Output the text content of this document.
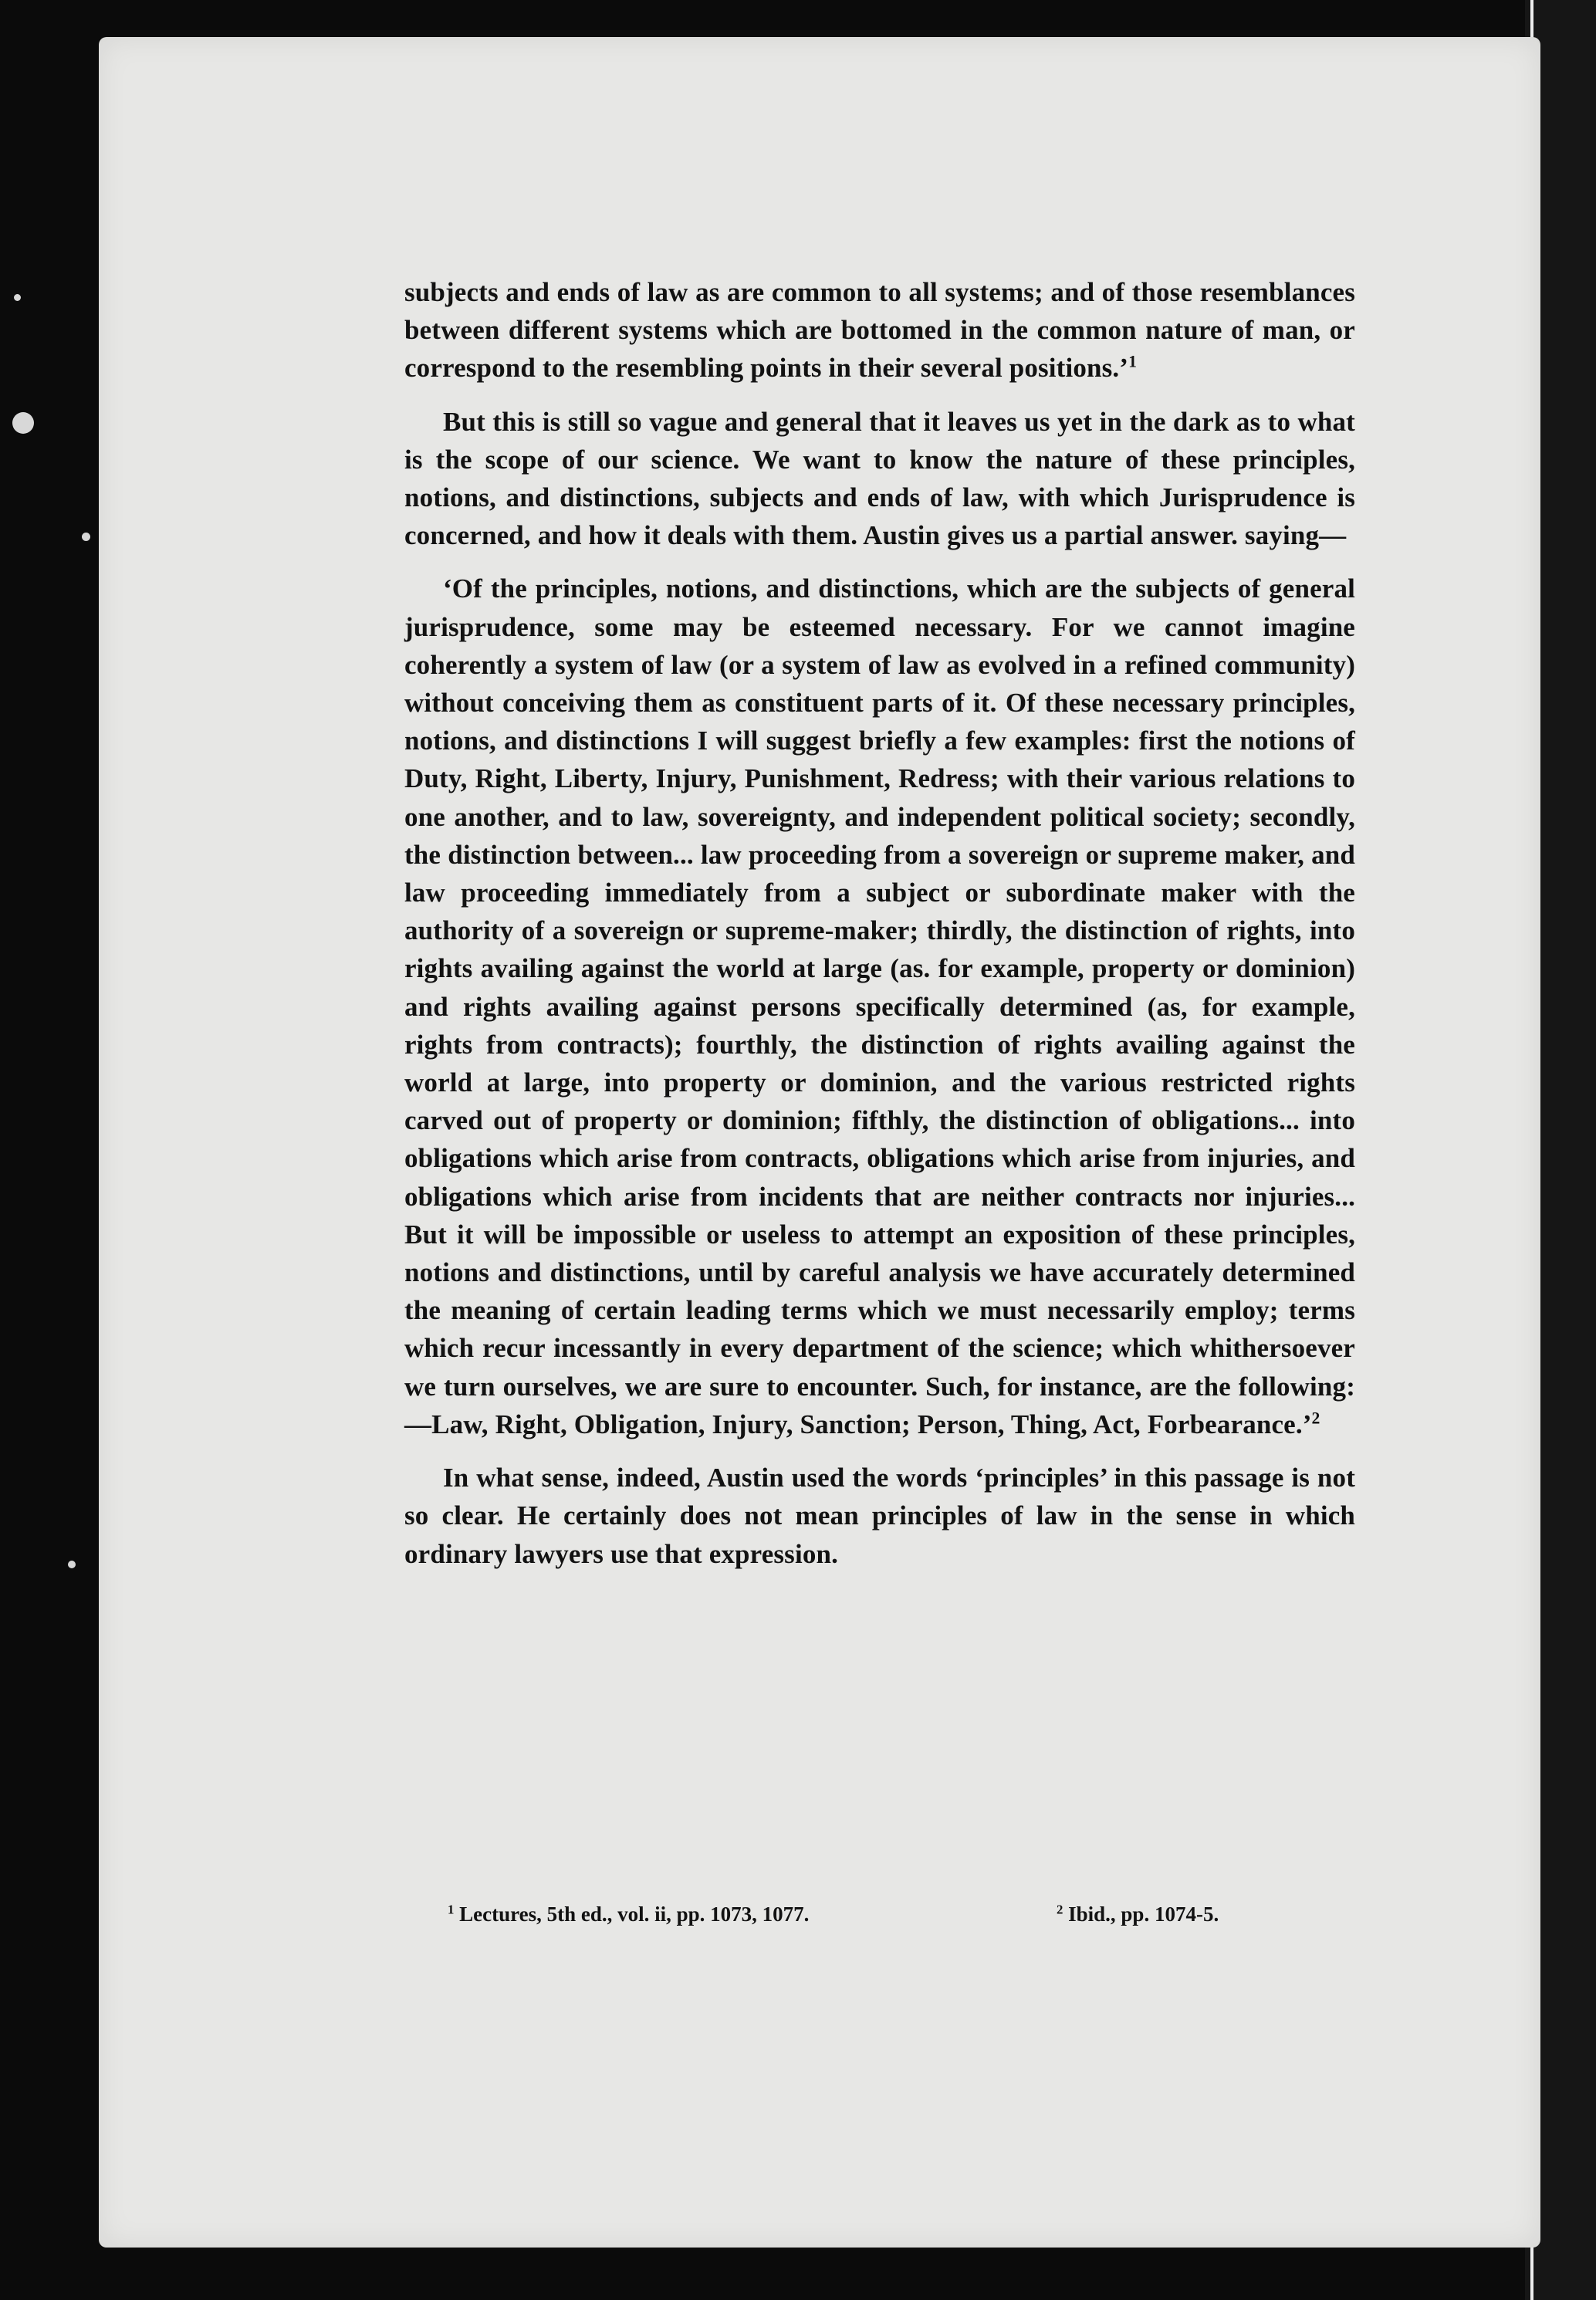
subjects and ends of law as are common to all systems; and of those resemblances between different systems which are bottomed in the common nature of man, or correspond to the resembling points in their several positions.’$^1$

But this is still so vague and general that it leaves us yet in the dark as to what is the scope of our science. We want to know the nature of these principles, notions, and distinctions, subjects and ends of law, with which Jurisprudence is concerned, and how it deals with them. Austin gives us a partial answer. saying—

‘Of the principles, notions, and distinctions, which are the subjects of general jurisprudence, some may be esteemed necessary. For we cannot imagine coherently a system of law (or a system of law as evolved in a refined community) without conceiving them as constituent parts of it. Of these necessary principles, notions, and distinctions I will suggest briefly a few examples: first the notions of Duty, Right, Liberty, Injury, Punishment, Redress; with their various relations to one another, and to law, sovereignty, and independent political society; secondly, the distinction between... law proceeding from a sovereign or supreme maker, and law proceeding immediately from a subject or subordinate maker with the authority of a sovereign or supreme-maker; thirdly, the distinction of rights, into rights availing against the world at large (as. for example, property or dominion) and rights availing against persons specifically determined (as, for example, rights from contracts); fourthly, the distinction of rights availing against the world at large, into property or dominion, and the various restricted rights carved out of property or dominion; fifthly, the distinction of obligations... into obligations which arise from contracts, obligations which arise from injuries, and obligations which arise from incidents that are neither contracts nor injuries... But it will be impossible or useless to attempt an exposition of these principles, notions and distinctions, until by careful analysis we have accurately determined the meaning of certain leading terms which we must necessarily employ; terms which recur incessantly in every department of the science; which whithersoever we turn ourselves, we are sure to encounter. Such, for instance, are the following:—Law, Right, Obligation, Injury, Sanction; Person, Thing, Act, Forbearance.’$^2$

In what sense, indeed, Austin used the words ‘principles’ in this passage is not so clear. He certainly does not mean principles of law in the sense in which ordinary lawyers use that expression.

$^1$ Lectures, 5th ed., vol. ii, pp. 1073, 1077.	$^2$ Ibid., pp. 1074-5.
